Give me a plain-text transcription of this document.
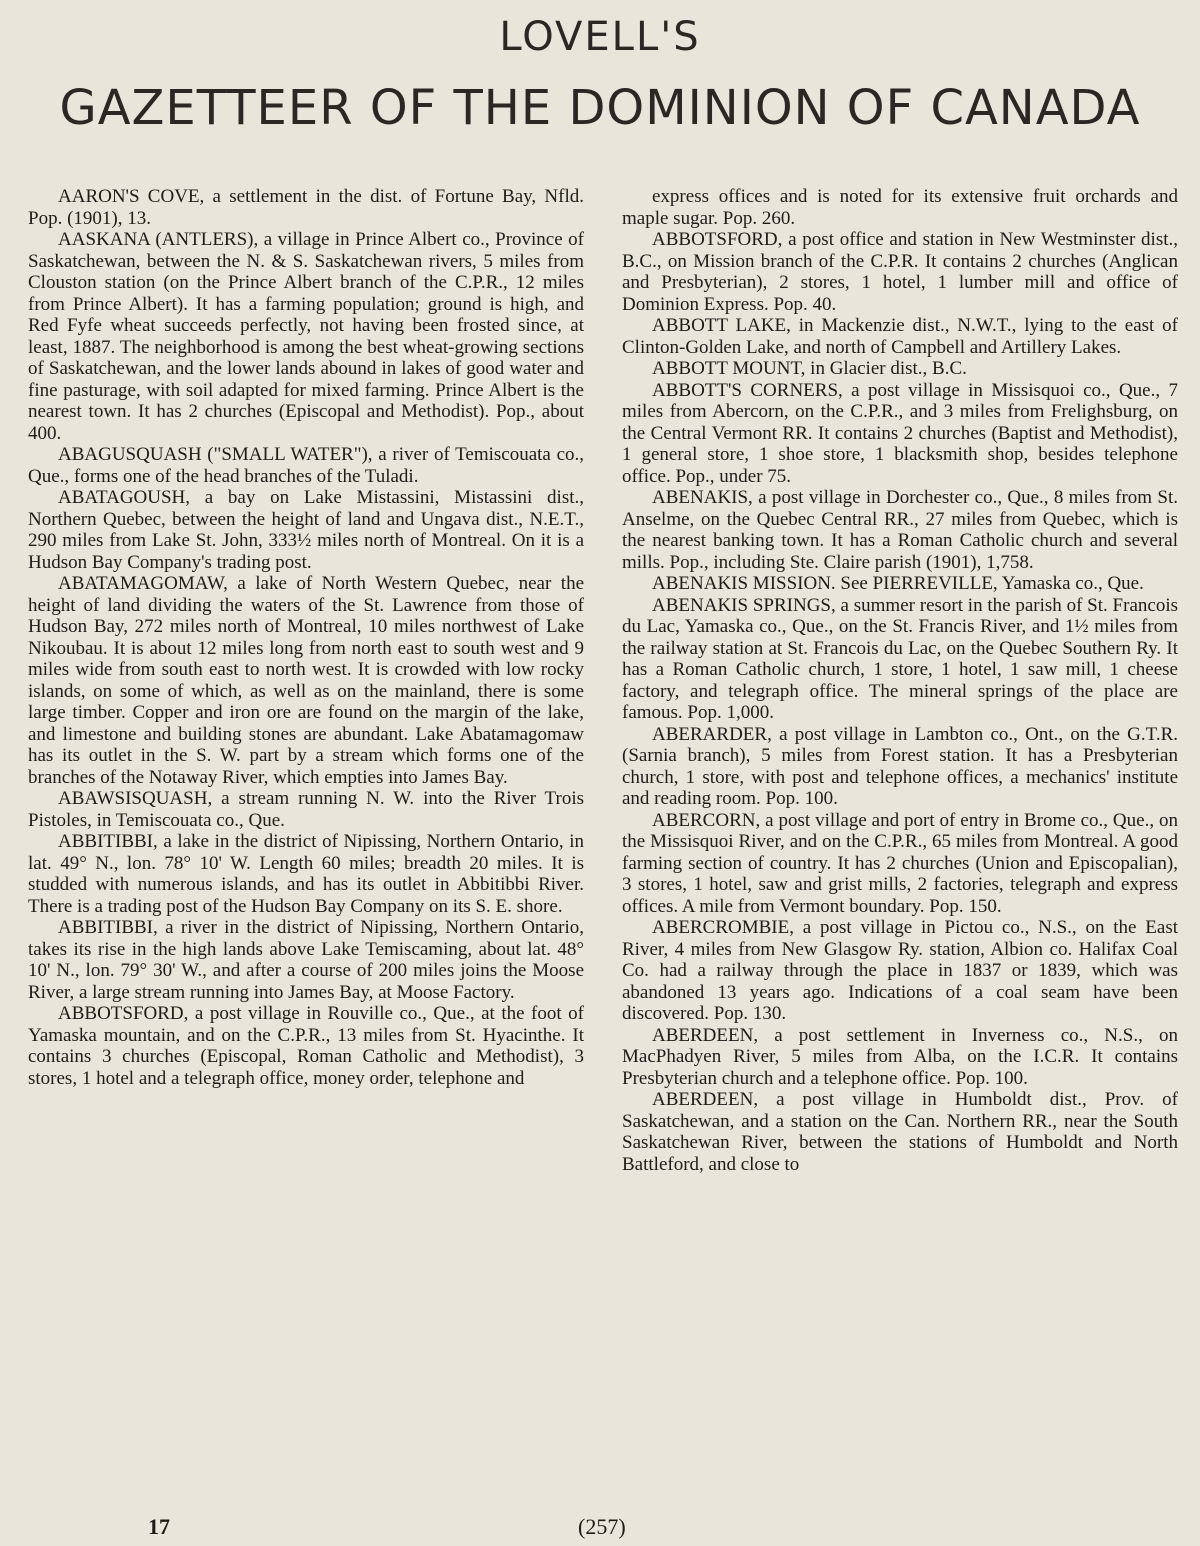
LOVELL'S
GAZETTEER OF THE DOMINION OF CANADA

AARON'S COVE, a settlement in the dist. of Fortune Bay, Nfld. Pop. (1901), 13.

AASKANA (ANTLERS), a village in Prince Albert co., Province of Saskatchewan, between the N. & S. Saskatchewan rivers, 5 miles from Clouston station (on the Prince Albert branch of the C.P.R., 12 miles from Prince Albert). It has a farming population; ground is high, and Red Fyfe wheat succeeds perfectly, not having been frosted since, at least, 1887. The neighborhood is among the best wheat-growing sections of Saskatchewan, and the lower lands abound in lakes of good water and fine pasturage, with soil adapted for mixed farming. Prince Albert is the nearest town. It has 2 churches (Episcopal and Methodist). Pop., about 400.

ABAGUSQUASH ("SMALL WATER"), a river of Temiscouata co., Que., forms one of the head branches of the Tuladi.

ABATAGOUSH, a bay on Lake Mistassini, Mistassini dist., Northern Quebec, between the height of land and Ungava dist., N.E.T., 290 miles from Lake St. John, 333½ miles north of Montreal. On it is a Hudson Bay Company's trading post.

ABATAMAGOMAW, a lake of North Western Quebec, near the height of land dividing the waters of the St. Lawrence from those of Hudson Bay, 272 miles north of Montreal, 10 miles northwest of Lake Nikoubau. It is about 12 miles long from north east to south west and 9 miles wide from south east to north west. It is crowded with low rocky islands, on some of which, as well as on the mainland, there is some large timber. Copper and iron ore are found on the margin of the lake, and limestone and building stones are abundant. Lake Abatamagomaw has its outlet in the S. W. part by a stream which forms one of the branches of the Notaway River, which empties into James Bay.

ABAWSISQUASH, a stream running N. W. into the River Trois Pistoles, in Temiscouata co., Que.

ABBITIBBI, a lake in the district of Nipissing, Northern Ontario, in lat. 49° N., lon. 78° 10' W. Length 60 miles; breadth 20 miles. It is studded with numerous islands, and has its outlet in Abbitibbi River. There is a trading post of the Hudson Bay Company on its S. E. shore.

ABBITIBBI, a river in the district of Nipissing, Northern Ontario, takes its rise in the high lands above Lake Temiscaming, about lat. 48° 10' N., lon. 79° 30' W., and after a course of 200 miles joins the Moose River, a large stream running into James Bay, at Moose Factory.

ABBOTSFORD, a post village in Rouville co., Que., at the foot of Yamaska mountain, and on the C.P.R., 13 miles from St. Hyacinthe. It contains 3 churches (Episcopal, Roman Catholic and Methodist), 3 stores, 1 hotel and a telegraph office, money order, telephone and

express offices and is noted for its extensive fruit orchards and maple sugar. Pop. 260.

ABBOTSFORD, a post office and station in New Westminster dist., B.C., on Mission branch of the C.P.R. It contains 2 churches (Anglican and Presbyterian), 2 stores, 1 hotel, 1 lumber mill and office of Dominion Express. Pop. 40.

ABBOTT LAKE, in Mackenzie dist., N.W.T., lying to the east of Clinton-Golden Lake, and north of Campbell and Artillery Lakes.

ABBOTT MOUNT, in Glacier dist., B.C.

ABBOTT'S CORNERS, a post village in Missisquoi co., Que., 7 miles from Abercorn, on the C.P.R., and 3 miles from Frelighsburg, on the Central Vermont RR. It contains 2 churches (Baptist and Methodist), 1 general store, 1 shoe store, 1 blacksmith shop, besides telephone office. Pop., under 75.

ABENAKIS, a post village in Dorchester co., Que., 8 miles from St. Anselme, on the Quebec Central RR., 27 miles from Quebec, which is the nearest banking town. It has a Roman Catholic church and several mills. Pop., including Ste. Claire parish (1901), 1,758.

ABENAKIS MISSION. See PIERREVILLE, Yamaska co., Que.

ABENAKIS SPRINGS, a summer resort in the parish of St. Francois du Lac, Yamaska co., Que., on the St. Francis River, and 1½ miles from the railway station at St. Francois du Lac, on the Quebec Southern Ry. It has a Roman Catholic church, 1 store, 1 hotel, 1 saw mill, 1 cheese factory, and telegraph office. The mineral springs of the place are famous. Pop. 1,000.

ABERARDER, a post village in Lambton co., Ont., on the G.T.R. (Sarnia branch), 5 miles from Forest station. It has a Presbyterian church, 1 store, with post and telephone offices, a mechanics' institute and reading room. Pop. 100.

ABERCORN, a post village and port of entry in Brome co., Que., on the Missisquoi River, and on the C.P.R., 65 miles from Montreal. A good farming section of country. It has 2 churches (Union and Episcopalian), 3 stores, 1 hotel, saw and grist mills, 2 factories, telegraph and express offices. A mile from Vermont boundary. Pop. 150.

ABERCROMBIE, a post village in Pictou co., N.S., on the East River, 4 miles from New Glasgow Ry. station, Albion co. Halifax Coal Co. had a railway through the place in 1837 or 1839, which was abandoned 13 years ago. Indications of a coal seam have been discovered. Pop. 130.

ABERDEEN, a post settlement in Inverness co., N.S., on MacPhadyen River, 5 miles from Alba, on the I.C.R. It contains Presbyterian church and a telephone office. Pop. 100.

ABERDEEN, a post village in Humboldt dist., Prov. of Saskatchewan, and a station on the Can. Northern RR., near the South Saskatchewan River, between the stations of Humboldt and North Battleford, and close to

17	(257)
